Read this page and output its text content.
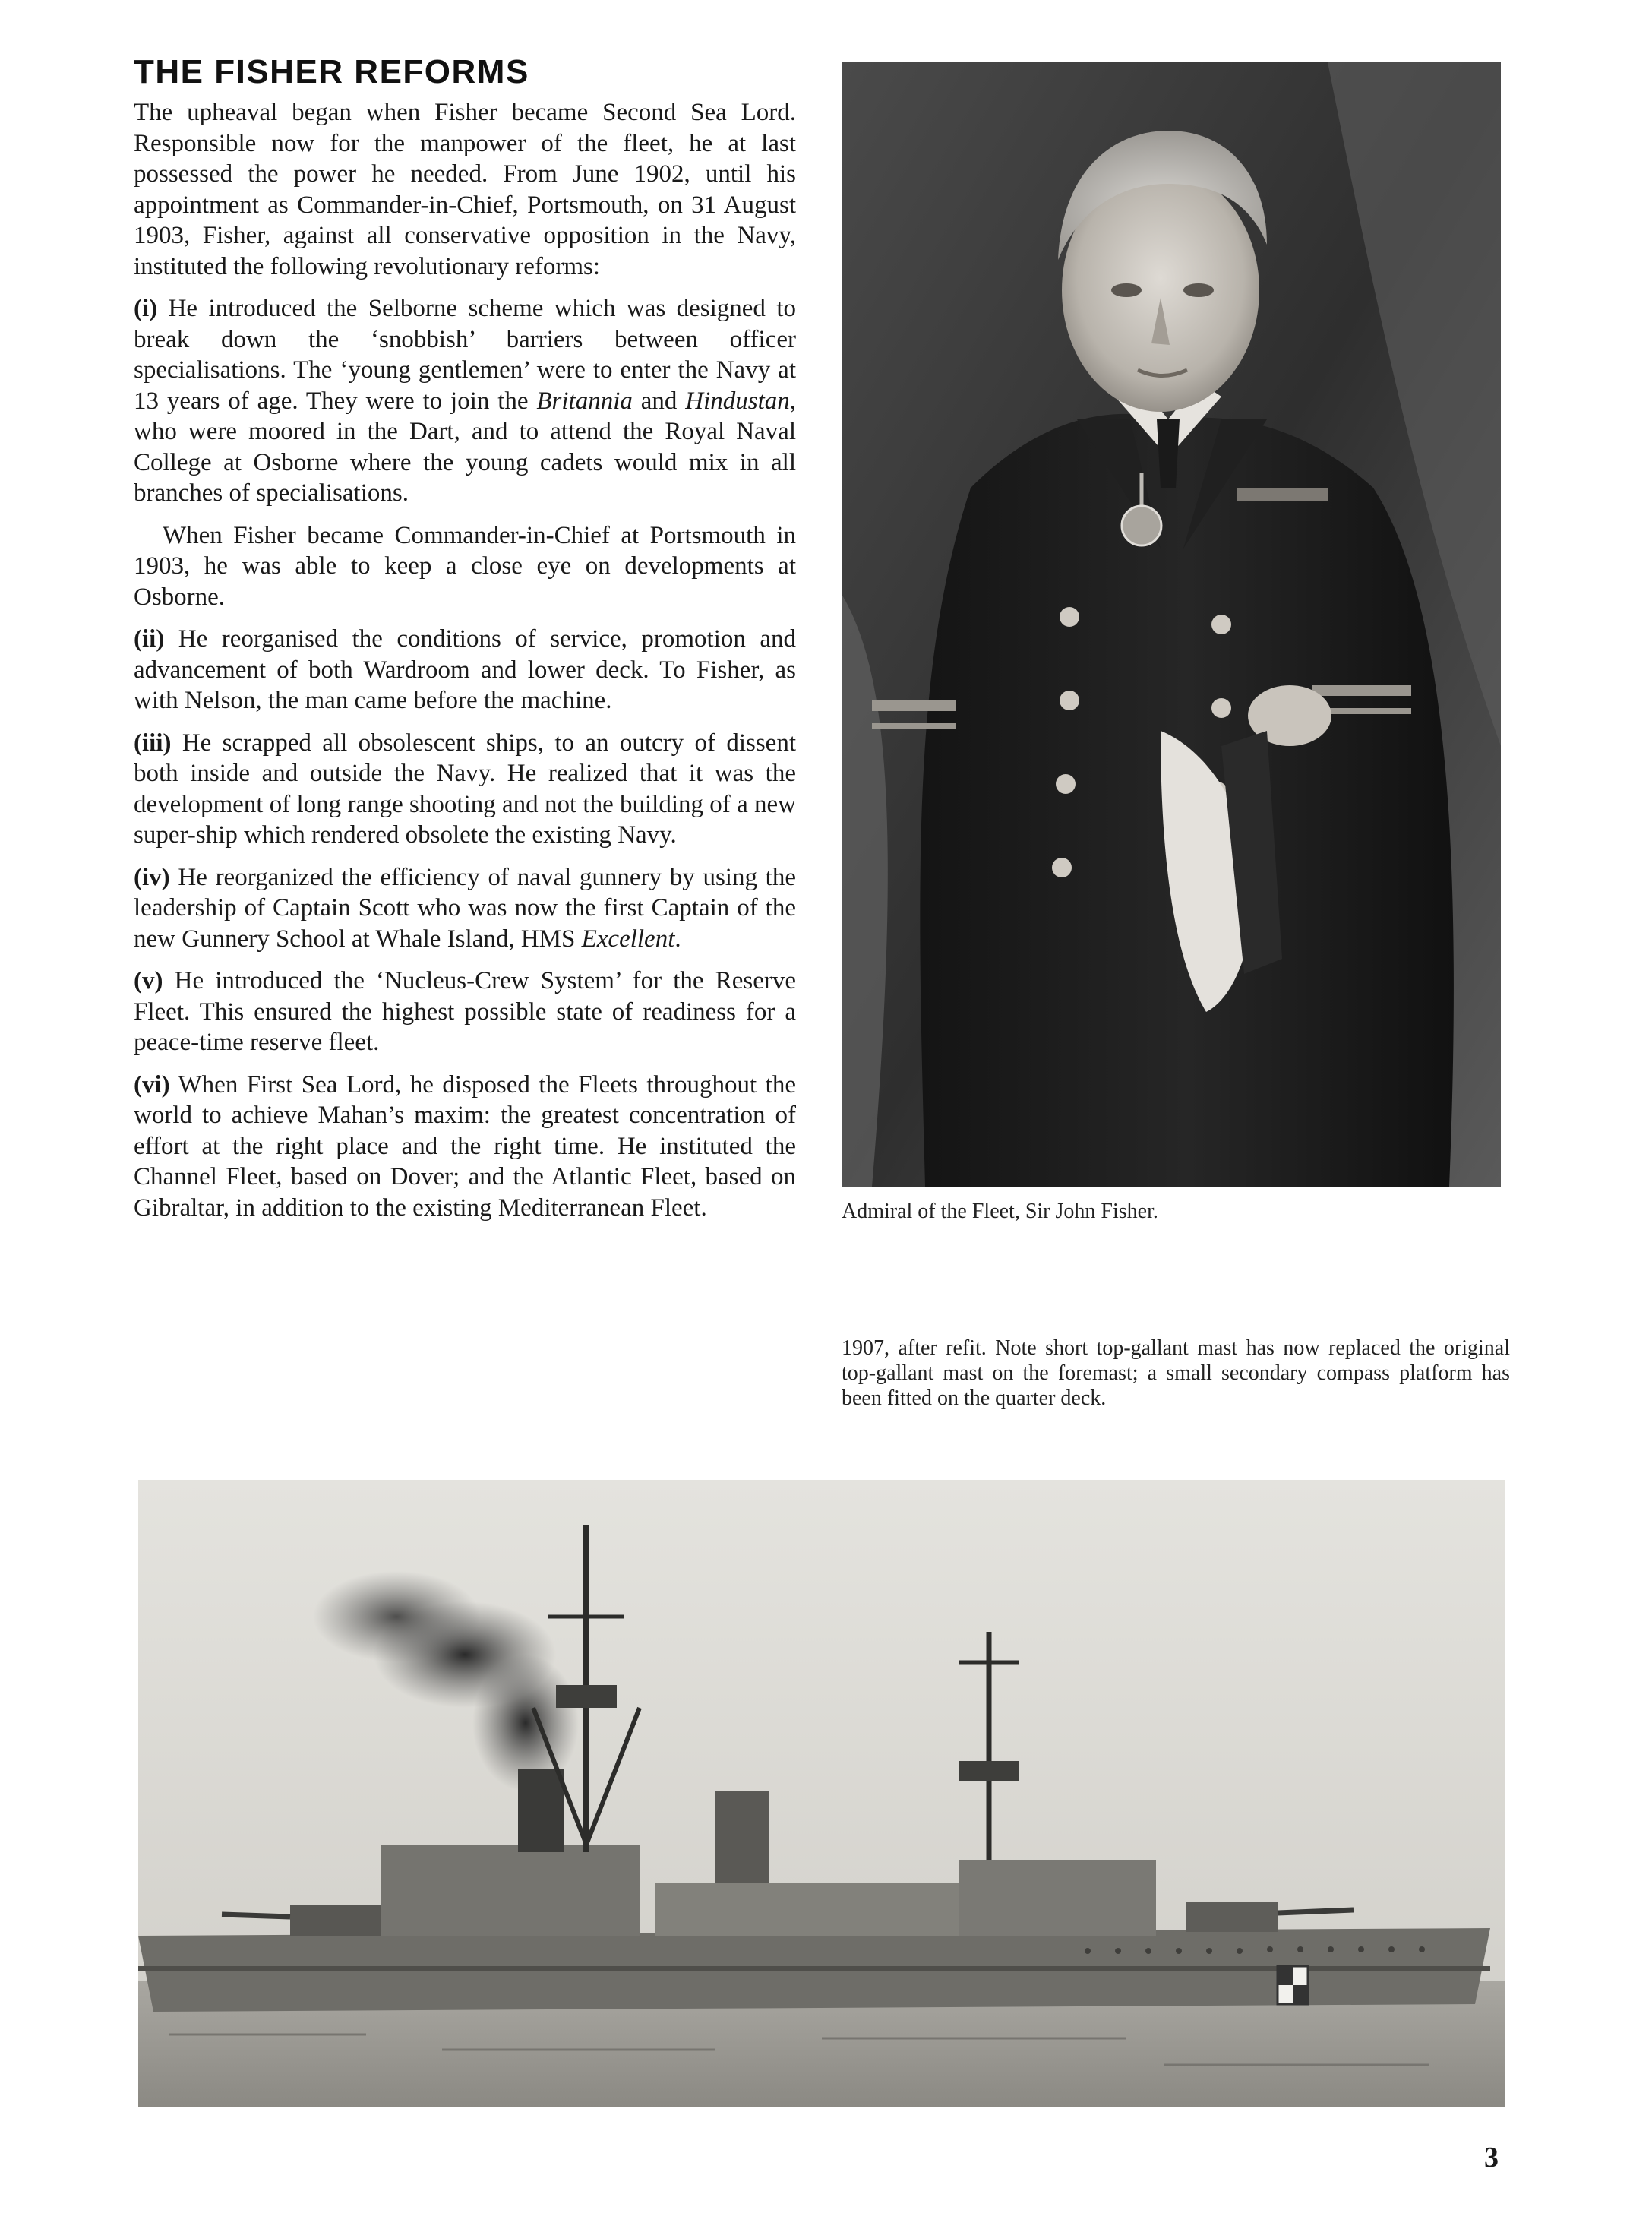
THE FISHER REFORMS

The upheaval began when Fisher became Second Sea Lord. Responsible now for the manpower of the fleet, he at last possessed the power he needed. From June 1902, until his appointment as Commander-in-Chief, Portsmouth, on 31 August 1903, Fisher, against all conservative opposition in the Navy, instituted the following revolutionary reforms:

(i) He introduced the Selborne scheme which was designed to break down the ‘snobbish’ barriers between officer specialisations. The ‘young gentlemen’ were to enter the Navy at 13 years of age. They were to join the Britannia and Hindustan, who were moored in the Dart, and to attend the Royal Naval College at Osborne where the young cadets would mix in all branches of specialisations.

When Fisher became Commander-in-Chief at Portsmouth in 1903, he was able to keep a close eye on developments at Osborne.

(ii) He reorganised the conditions of service, promotion and advancement of both Wardroom and lower deck. To Fisher, as with Nelson, the man came before the machine.

(iii) He scrapped all obsolescent ships, to an outcry of dissent both inside and outside the Navy. He realized that it was the development of long range shooting and not the building of a new super-ship which rendered obsolete the existing Navy.

(iv) He reorganized the efficiency of naval gunnery by using the leadership of Captain Scott who was now the first Captain of the new Gunnery School at Whale Island, HMS Excellent.

(v) He introduced the ‘Nucleus-Crew System’ for the Reserve Fleet. This ensured the highest possible state of readiness for a peace-time reserve fleet.

(vi) When First Sea Lord, he disposed the Fleets throughout the world to achieve Mahan’s maxim: the greatest concentration of effort at the right place and the right time. He instituted the Channel Fleet, based on Dover; and the Atlantic Fleet, based on Gibraltar, in addition to the existing Mediterranean Fleet.	Admiral of the Fleet, Sir John Fisher.

1907, after refit. Note short top-gallant mast has now replaced the original top-gallant mast on the foremast; a small secondary compass platform has been fitted on the quarter deck.

3
